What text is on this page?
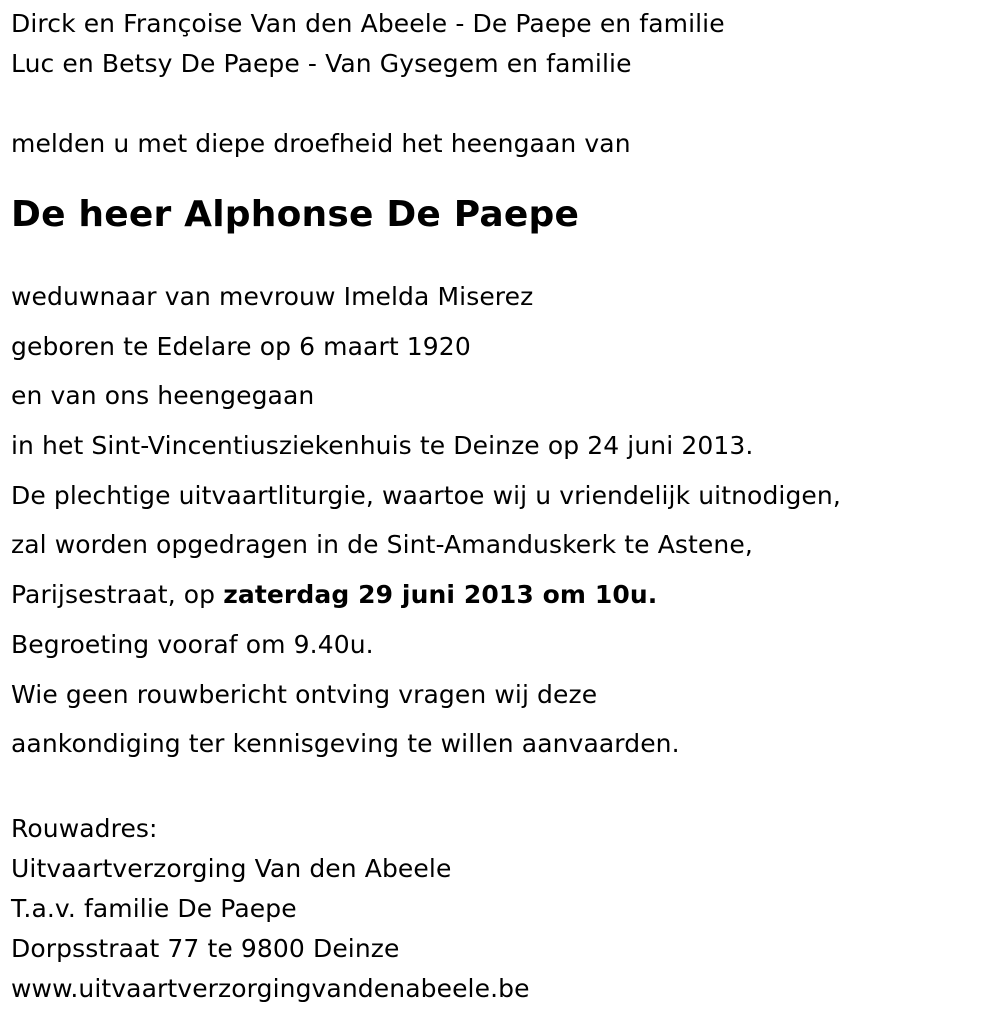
Dirck en Françoise Van den Abeele - De Paepe en familie

Luc en Betsy De Paepe - Van Gysegem en familie

melden u met diepe droefheid het heengaan van

De heer Alphonse De Paepe

weduwnaar van mevrouw Imelda Miserez

geboren te Edelare op 6 maart 1920

en van ons heengegaan

in het Sint-Vincentiusziekenhuis te Deinze op 24 juni 2013.

De plechtige uitvaartliturgie, waartoe wij u vriendelijk uitnodigen,

zal worden opgedragen in de Sint-Amanduskerk te Astene,

Parijsestraat, op zaterdag 29 juni 2013 om 10u.

Begroeting vooraf om 9.40u.

Wie geen rouwbericht ontving vragen wij deze

aankondiging ter kennisgeving te willen aanvaarden.

Rouwadres:

Uitvaartverzorging Van den Abeele

T.a.v. familie De Paepe

Dorpsstraat 77 te 9800 Deinze

www.uitvaartverzorgingvandenabeele.be
